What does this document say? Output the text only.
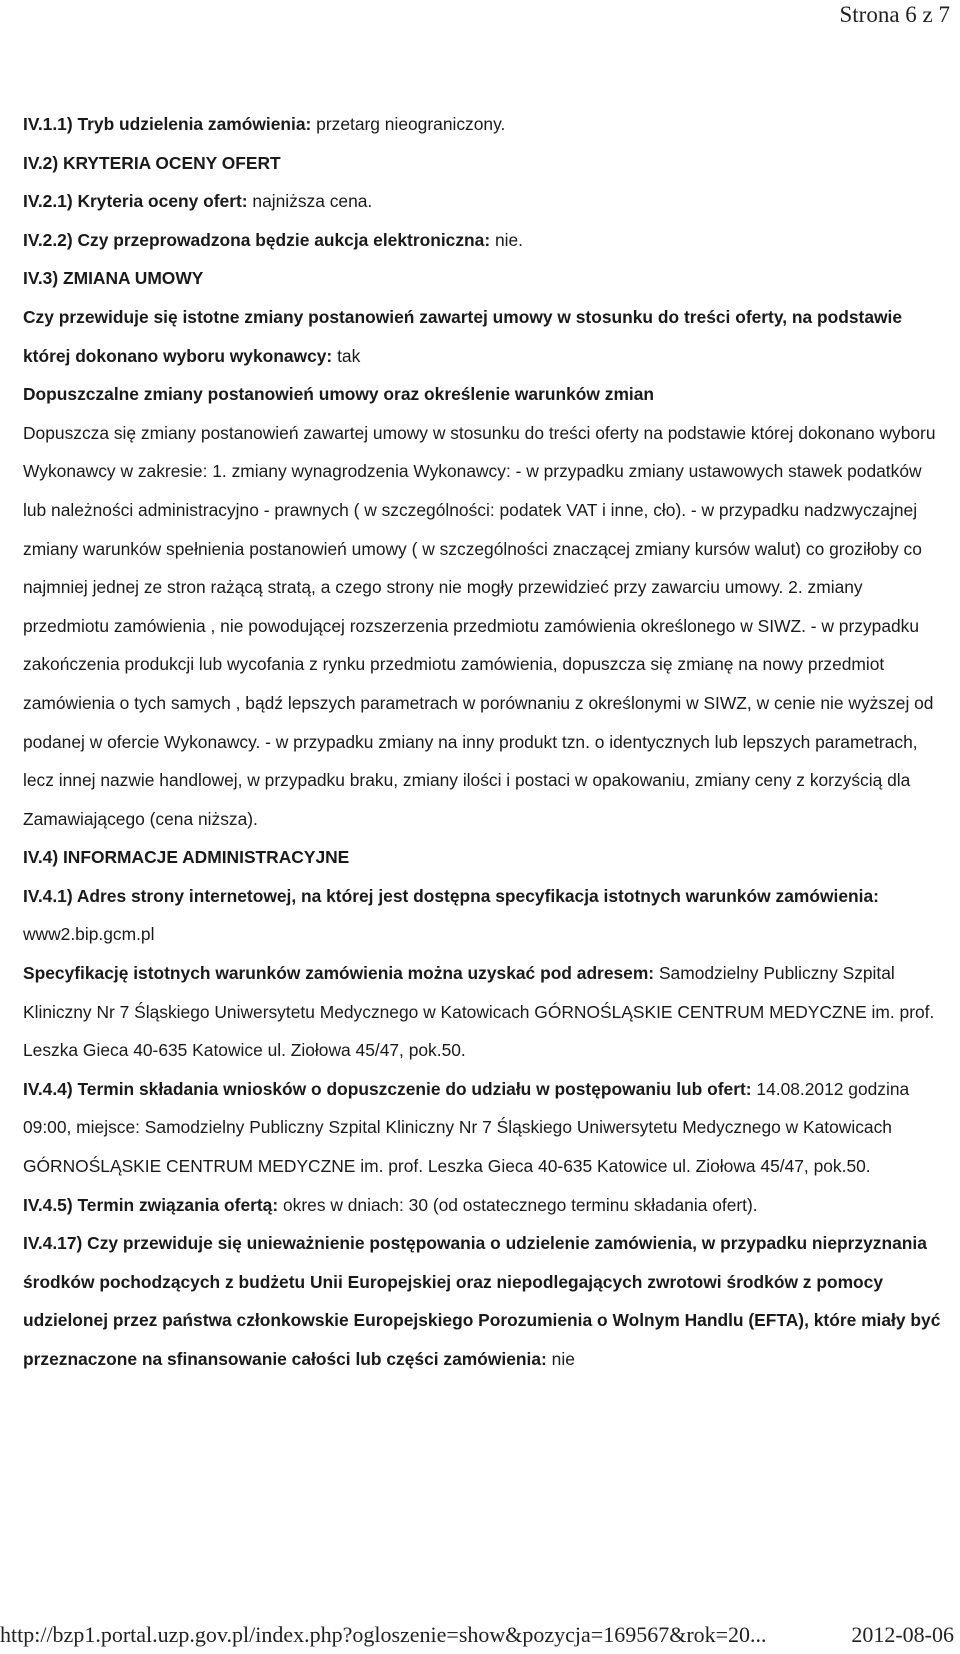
Strona 6 z 7

IV.1.1) Tryb udzielenia zamówienia: przetarg nieograniczony.

IV.2) KRYTERIA OCENY OFERT

IV.2.1) Kryteria oceny ofert: najniższa cena.

IV.2.2) Czy przeprowadzona będzie aukcja elektroniczna: nie.

IV.3) ZMIANA UMOWY

Czy przewiduje się istotne zmiany postanowień zawartej umowy w stosunku do treści oferty, na podstawie której dokonano wyboru wykonawcy: tak

Dopuszczalne zmiany postanowień umowy oraz określenie warunków zmian

Dopuszcza się zmiany postanowień zawartej umowy w stosunku do treści oferty na podstawie której dokonano wyboru Wykonawcy w zakresie: 1. zmiany wynagrodzenia Wykonawcy: - w przypadku zmiany ustawowych stawek podatków lub należności administracyjno - prawnych ( w szczególności: podatek VAT i inne, cło). - w przypadku nadzwyczajnej zmiany warunków spełnienia postanowień umowy ( w szczególności znaczącej zmiany kursów walut) co groziłoby co najmniej jednej ze stron rażącą stratą, a czego strony nie mogły przewidzieć przy zawarciu umowy. 2. zmiany przedmiotu zamówienia , nie powodującej rozszerzenia przedmiotu zamówienia określonego w SIWZ. - w przypadku zakończenia produkcji lub wycofania z rynku przedmiotu zamówienia, dopuszcza się zmianę na nowy przedmiot zamówienia o tych samych , bądź lepszych parametrach w porównaniu z określonymi w SIWZ, w cenie nie wyższej od podanej w ofercie Wykonawcy. - w przypadku zmiany na inny produkt tzn. o identycznych lub lepszych parametrach, lecz innej nazwie handlowej, w przypadku braku, zmiany ilości i postaci w opakowaniu, zmiany ceny z korzyścią dla Zamawiającego (cena niższa).

IV.4) INFORMACJE ADMINISTRACYJNE

IV.4.1) Adres strony internetowej, na której jest dostępna specyfikacja istotnych warunków zamówienia: www2.bip.gcm.pl

Specyfikację istotnych warunków zamówienia można uzyskać pod adresem: Samodzielny Publiczny Szpital Kliniczny Nr 7 Śląskiego Uniwersytetu Medycznego w Katowicach GÓRNOŚLĄSKIE CENTRUM MEDYCZNE im. prof. Leszka Gieca 40-635 Katowice ul. Ziołowa 45/47, pok.50.

IV.4.4) Termin składania wniosków o dopuszczenie do udziału w postępowaniu lub ofert: 14.08.2012 godzina 09:00, miejsce: Samodzielny Publiczny Szpital Kliniczny Nr 7 Śląskiego Uniwersytetu Medycznego w Katowicach GÓRNOŚLĄSKIE CENTRUM MEDYCZNE im. prof. Leszka Gieca 40-635 Katowice ul. Ziołowa 45/47, pok.50.

IV.4.5) Termin związania ofertą: okres w dniach: 30 (od ostatecznego terminu składania ofert).

IV.4.17) Czy przewiduje się unieważnienie postępowania o udzielenie zamówienia, w przypadku nieprzyznania środków pochodzących z budżetu Unii Europejskiej oraz niepodlegających zwrotowi środków z pomocy udzielonej przez państwa członkowskie Europejskiego Porozumienia o Wolnym Handlu (EFTA), które miały być przeznaczone na sfinansowanie całości lub części zamówienia: nie

http://bzp1.portal.uzp.gov.pl/index.php?ogloszenie=show&pozycja=169567&rok=20...	2012-08-06
